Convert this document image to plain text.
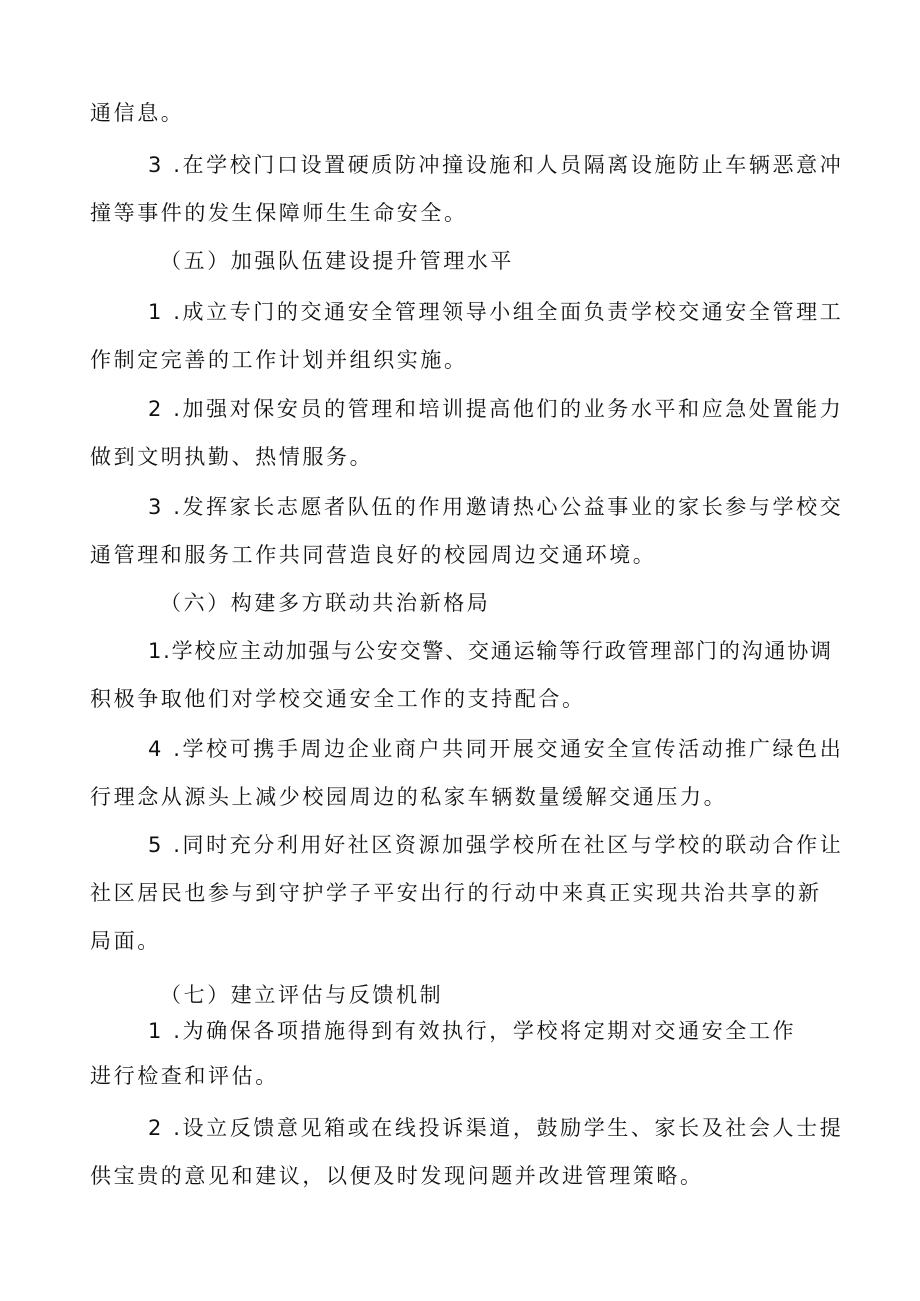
通信息。

3 .在学校门口设置硬质防冲撞设施和人员隔离设施防止车辆恶意冲

撞等事件的发生保障师生生命安全。

（五）加强队伍建设提升管理水平

1 .成立专门的交通安全管理领导小组全面负责学校交通安全管理工

作制定完善的工作计划并组织实施。

2 .加强对保安员的管理和培训提高他们的业务水平和应急处置能力

做到文明执勤、热情服务。

3 .发挥家长志愿者队伍的作用邀请热心公益事业的家长参与学校交

通管理和服务工作共同营造良好的校园周边交通环境。

（六）构建多方联动共治新格局

1.学校应主动加强与公安交警、交通运输等行政管理部门的沟通协调

积极争取他们对学校交通安全工作的支持配合。

4 .学校可携手周边企业商户共同开展交通安全宣传活动推广绿色出

行理念从源头上减少校园周边的私家车辆数量缓解交通压力。

5 .同时充分利用好社区资源加强学校所在社区与学校的联动合作让

社区居民也参与到守护学子平安出行的行动中来真正实现共治共享的新

局面。

（七）建立评估与反馈机制

1 .为确保各项措施得到有效执行，学校将定期对交通安全工作

进行检查和评估。

2 .设立反馈意见箱或在线投诉渠道，鼓励学生、家长及社会人士提

供宝贵的意见和建议，以便及时发现问题并改进管理策略。
